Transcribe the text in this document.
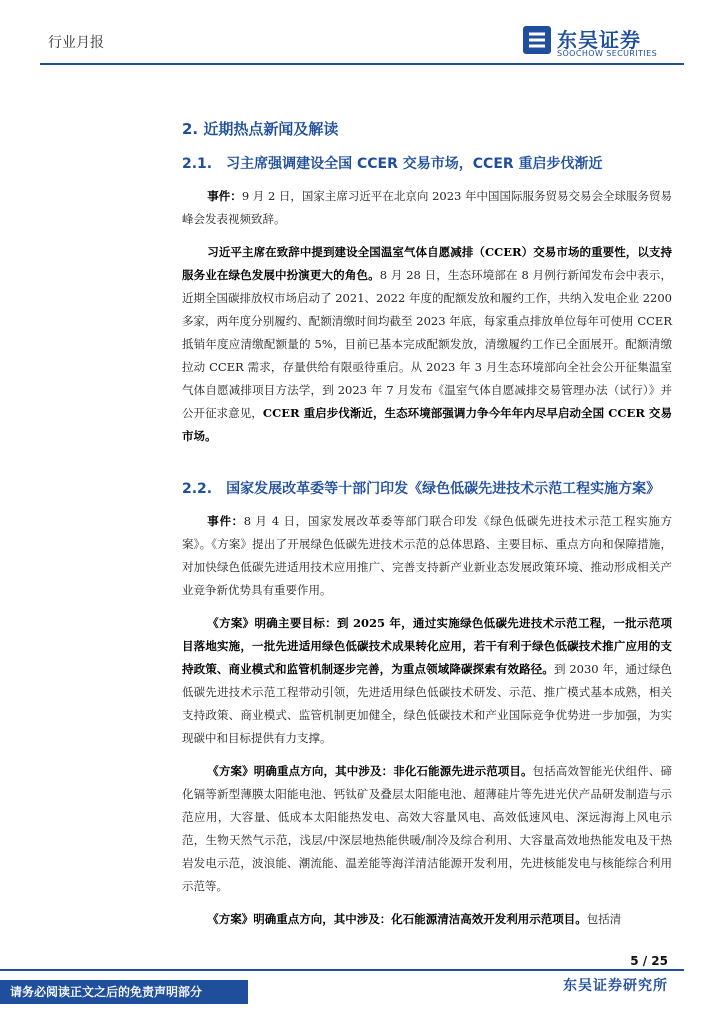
行业月报	东吴证券
SOOCHOW SECURITIES
2. 近期热点新闻及解读
2.1. 习主席强调建设全国 CCER 交易市场，CCER 重启步伐渐近

事件：9 月 2 日，国家主席习近平在北京向 2023 年中国国际服务贸易交易会全球服务贸易峰会发表视频致辞。

习近平主席在致辞中提到建设全国温室气体自愿减排（CCER）交易市场的重要性，以支持服务业在绿色发展中扮演更大的角色。8 月 28 日，生态环境部在 8 月例行新闻发布会中表示，近期全国碳排放权市场启动了 2021、2022 年度的配额发放和履约工作，共纳入发电企业 2200 多家，两年度分别履约、配额清缴时间均截至 2023 年底，每家重点排放单位每年可使用 CCER 抵销年度应清缴配额量的 5%，目前已基本完成配额发放，清缴履约工作已全面展开。配额清缴拉动 CCER 需求，存量供给有限亟待重启。从 2023 年 3 月生态环境部向全社会公开征集温室气体自愿减排项目方法学，到 2023 年 7 月发布《温室气体自愿减排交易管理办法（试行）》并公开征求意见，CCER 重启步伐渐近，生态环境部强调力争今年年内尽早启动全国 CCER 交易市场。

2.2. 国家发展改革委等十部门印发《绿色低碳先进技术示范工程实施方案》

事件：8 月 4 日，国家发展改革委等部门联合印发《绿色低碳先进技术示范工程实施方案》。《方案》提出了开展绿色低碳先进技术示范的总体思路、主要目标、重点方向和保障措施，对加快绿色低碳先进适用技术应用推广、完善支持新产业新业态发展政策环境、推动形成相关产业竞争新优势具有重要作用。

《方案》明确主要目标：到 2025 年，通过实施绿色低碳先进技术示范工程，一批示范项目落地实施，一批先进适用绿色低碳技术成果转化应用，若干有利于绿色低碳技术推广应用的支持政策、商业模式和监管机制逐步完善，为重点领域降碳探索有效路径。到 2030 年，通过绿色低碳先进技术示范工程带动引领，先进适用绿色低碳技术研发、示范、推广模式基本成熟，相关支持政策、商业模式、监管机制更加健全，绿色低碳技术和产业国际竞争优势进一步加强，为实现碳中和目标提供有力支撑。

《方案》明确重点方向，其中涉及：非化石能源先进示范项目。包括高效智能光伏组件、碲化镉等新型薄膜太阳能电池、钙钛矿及叠层太阳能电池、超薄硅片等先进光伏产品研发制造与示范应用，大容量、低成本太阳能热发电、高效大容量风电、高效低速风电、深远海海上风电示范，生物天然气示范，浅层/中深层地热能供暖/制冷及综合利用、大容量高效地热能发电及干热岩发电示范，波浪能、潮流能、温差能等海洋清洁能源开发利用，先进核能发电与核能综合利用示范等。

《方案》明确重点方向，其中涉及：化石能源清洁高效开发利用示范项目。包括清

5 / 25
请务必阅读正文之后的免责声明部分	东吴证券研究所
